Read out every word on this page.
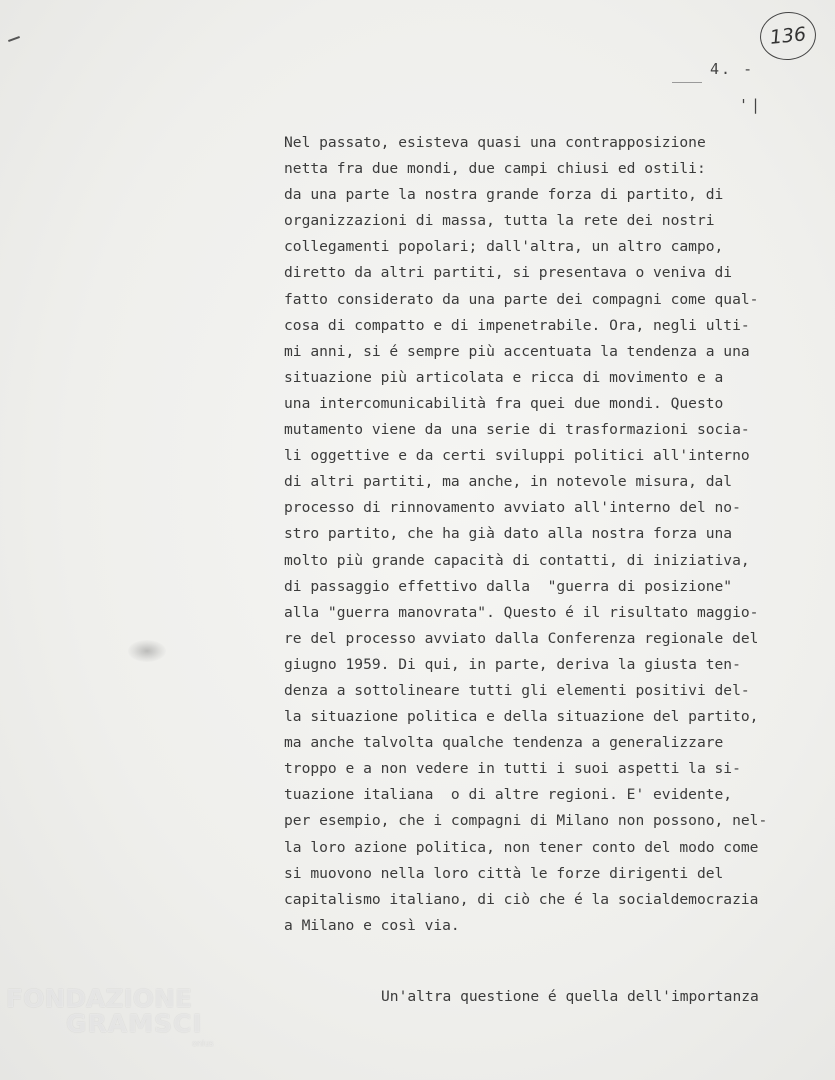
136
4. -
' |
Nel passato, esisteva quasi una contrapposizione
netta fra due mondi, due campi chiusi ed ostili:
da una parte la nostra grande forza di partito, di
organizzazioni di massa, tutta la rete dei nostri
collegamenti popolari; dall'altra, un altro campo,
diretto da altri partiti, si presentava o veniva di
fatto considerato da una parte dei compagni come qual-
cosa di compatto e di impenetrabile. Ora, negli ulti-
mi anni, si é sempre più accentuata la tendenza a una
situazione più articolata e ricca di movimento e a
una intercomunicabilità fra quei due mondi. Questo
mutamento viene da una serie di trasformazioni socia-
li oggettive e da certi sviluppi politici all'interno
di altri partiti, ma anche, in notevole misura, dal
processo di rinnovamento avviato all'interno del no-
stro partito, che ha già dato alla nostra forza una
molto più grande capacità di contatti, di iniziativa,
di passaggio effettivo dalla  "guerra di posizione"
alla "guerra manovrata". Questo é il risultato maggio-
re del processo avviato dalla Conferenza regionale del
giugno 1959. Di qui, in parte, deriva la giusta ten-
denza a sottolineare tutti gli elementi positivi del-
la situazione politica e della situazione del partito,
ma anche talvolta qualche tendenza a generalizzare
troppo e a non vedere in tutti i suoi aspetti la si-
tuazione italiana  o di altre regioni. E' evidente,
per esempio, che i compagni di Milano non possono, nel-
la loro azione politica, non tener conto del modo come
si muovono nella loro città le forze dirigenti del
capitalismo italiano, di ciò che é la socialdemocrazia
a Milano e così via.
Un'altra questione é quella dell'importanza
FONDAZIONE
GRAMSCI
onlus
